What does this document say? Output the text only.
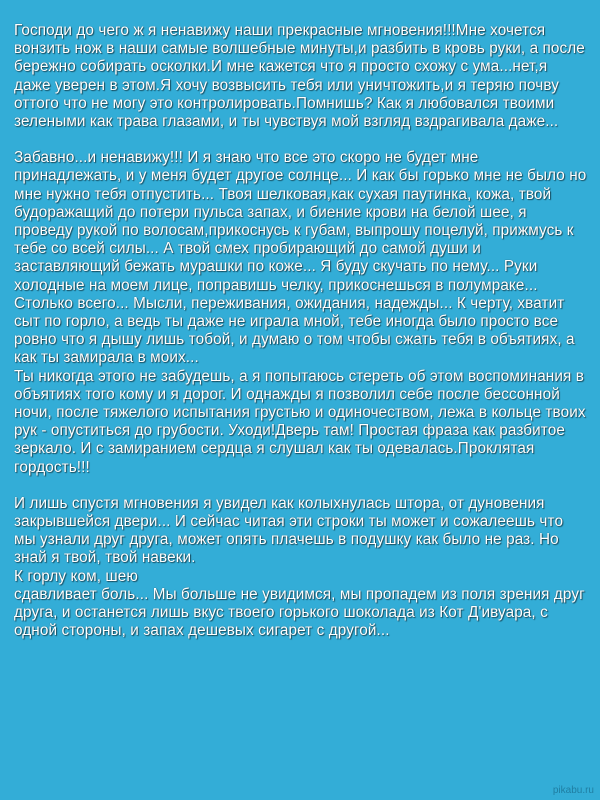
Господи до чего ж я ненавижу наши прекрасные мгновения!!!Мне хочется вонзить нож в наши самые волшебные минуты,и разбить в кровь руки, а после бережно собирать осколки.И мне кажется что я просто схожу с ума...нет,я даже уверен в этом.Я хочу возвысить тебя или уничтожить,и я теряю почву оттого что не могу это контролировать.Помнишь? Как я любовался твоими зелеными как трава глазами, и ты чувствуя мой взгляд вздрагивала даже...

Забавно...и ненавижу!!! И я знаю что все это скоро не будет мне принадлежать, и у меня будет другое солнце... И как бы горько мне не было но мне нужно тебя отпустить... Твоя шелковая,как сухая паутинка, кожа, твой будоражащий до потери пульса запах, и биение крови на белой шее, я проведу рукой по волосам,прикоснусь к губам, выпрошу поцелуй, прижмусь к тебе со всей силы... А твой смех пробирающий до самой души и заставляющий бежать мурашки по коже... Я буду скучать по нему... Руки холодные на моем лице, поправишь челку, прикоснешься в полумраке... Столько всего... Мысли, переживания, ожидания, надежды... К черту, хватит сыт по горло, а ведь ты даже не играла мной, тебе иногда было просто все ровно что я дышу лишь тобой, и думаю о том чтобы сжать тебя в объятиях, а как ты замирала в моих...
Ты никогда этого не забудешь, а я попытаюсь стереть об этом воспоминания в объятиях того кому и я дорог. И однажды я позволил себе после бессонной ночи, после тяжелого испытания грустью и одиночеством, лежа в кольце твоих рук - опуститься до грубости. Уходи!Дверь там! Простая фраза как разбитое зеркало. И с замиранием сердца я слушал как ты одевалась.Проклятая гордость!!!

И лишь спустя мгновения я увидел как колыхнулась штора, от дуновения закрывшейся двери... И сейчас читая эти строки ты может и сожалеешь что мы узнали друг друга, может опять плачешь в подушку как было не раз. Но знай я твой, твой навеки.
К горлу ком, шею
сдавливает боль... Мы больше не увидимся, мы пропадем из поля зрения друг друга, и останется лишь вкус твоего горького шоколада из Кот Д'ивуара, с одной стороны, и запах дешевых сигарет с другой...

pikabu.ru
